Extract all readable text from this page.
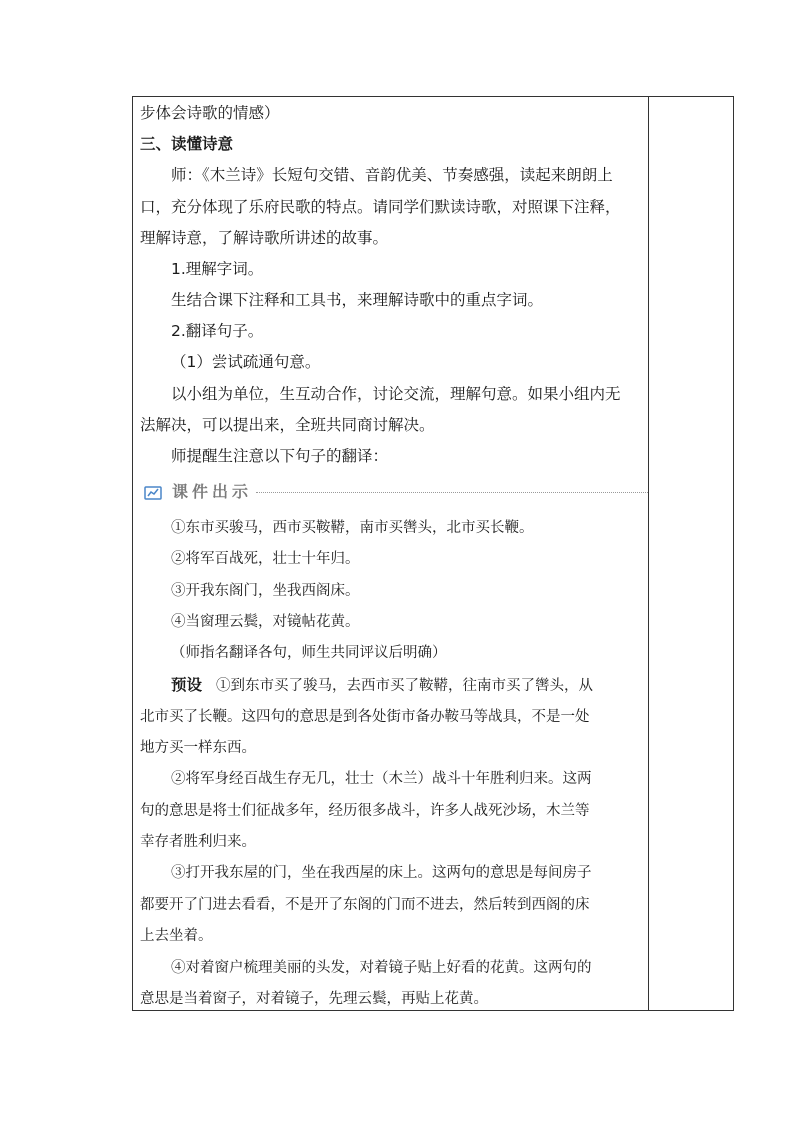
步体会诗歌的情感）
三、读懂诗意
师：《木兰诗》长短句交错、音韵优美、节奏感强，读起来朗朗上
口，充分体现了乐府民歌的特点。请同学们默读诗歌，对照课下注释，
理解诗意，了解诗歌所讲述的故事。
1.理解字词。
生结合课下注释和工具书，来理解诗歌中的重点字词。
2.翻译句子。
（1）尝试疏通句意。
以小组为单位，生互动合作，讨论交流，理解句意。如果小组内无
法解决，可以提出来，全班共同商讨解决。
师提醒生注意以下句子的翻译：
课件出示
①东市买骏马，西市买鞍鞯，南市买辔头，北市买长鞭。
②将军百战死，壮士十年归。
③开我东阁门，坐我西阁床。
④当窗理云鬓，对镜帖花黄。
（师指名翻译各句，师生共同评议后明确）
预设 ①到东市买了骏马，去西市买了鞍鞯，往南市买了辔头，从
北市买了长鞭。这四句的意思是到各处街市备办鞍马等战具，不是一处
地方买一样东西。
②将军身经百战生存无几，壮士（木兰）战斗十年胜利归来。这两
句的意思是将士们征战多年，经历很多战斗，许多人战死沙场，木兰等
幸存者胜利归来。
③打开我东屋的门，坐在我西屋的床上。这两句的意思是每间房子
都要开了门进去看看，不是开了东阁的门而不进去，然后转到西阁的床
上去坐着。
④对着窗户梳理美丽的头发，对着镜子贴上好看的花黄。这两句的
意思是当着窗子，对着镜子，先理云鬓，再贴上花黄。
